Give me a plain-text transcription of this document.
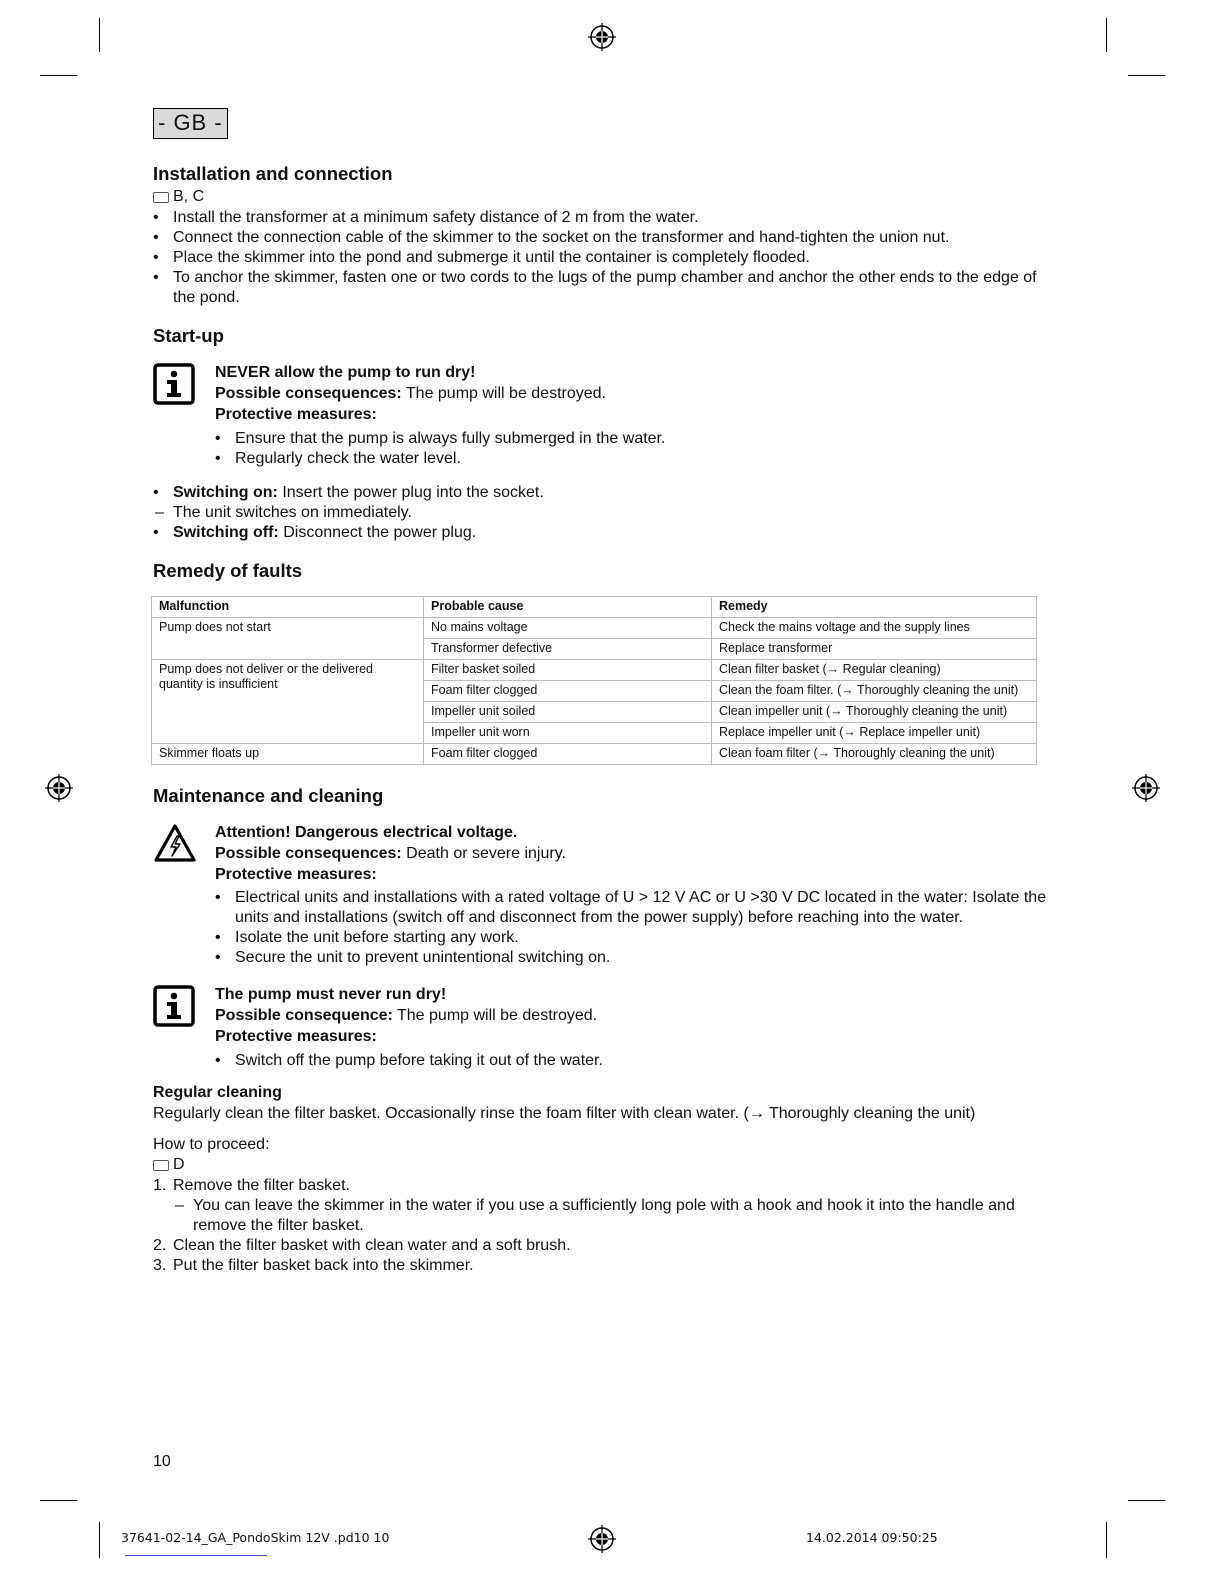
- GB -
Installation and connection
B, C
• Install the transformer at a minimum safety distance of 2 m from the water.
• Connect the connection cable of the skimmer to the socket on the transformer and hand-tighten the union nut.
• Place the skimmer into the pond and submerge it until the container is completely flooded.
• To anchor the skimmer, fasten one or two cords to the lugs of the pump chamber and anchor the other ends to the edge of the pond.
Start-up

NEVER allow the pump to run dry!

Possible consequences: The pump will be destroyed.

Protective measures:

• Ensure that the pump is always fully submerged in the water.
• Regularly check the water level.
• Switching on: Insert the power plug into the socket.
– The unit switches on immediately.
• Switching off: Disconnect the power plug.
Remedy of faults
Malfunction	Probable cause	Remedy
Pump does not start	No mains voltage	Check the mains voltage and the supply lines
	Transformer defective	Replace transformer
Pump does not deliver or the delivered quantity is insufficient	Filter basket soiled	Clean filter basket (→ Regular cleaning)
	Foam filter clogged	Clean the foam filter. (→ Thoroughly cleaning the unit)
	Impeller unit soiled	Clean impeller unit (→ Thoroughly cleaning the unit)
	Impeller unit worn	Replace impeller unit (→ Replace impeller unit)
Skimmer floats up	Foam filter clogged	Clean foam filter (→ Thoroughly cleaning the unit)
Maintenance and cleaning

Attention! Dangerous electrical voltage.

Possible consequences: Death or severe injury.

Protective measures:

• Electrical units and installations with a rated voltage of U > 12 V AC or U >30 V DC located in the water: Isolate the units and installations (switch off and disconnect from the power supply) before reaching into the water.
• Isolate the unit before starting any work.
• Secure the unit to prevent unintentional switching on.

The pump must never run dry!

Possible consequence: The pump will be destroyed.

Protective measures:

• Switch off the pump before taking it out of the water.
Regular cleaning

Regularly clean the filter basket. Occasionally rinse the foam filter with clean water. (→ Thoroughly cleaning the unit)

How to proceed:

D
1. Remove the filter basket.
– You can leave the skimmer in the water if you use a sufficiently long pole with a hook and hook it into the handle and remove the filter basket.
2. Clean the filter basket with clean water and a soft brush.
3. Put the filter basket back into the skimmer.
10
37641-02-14_GA_PondoSkim 12V .pd10 10	14.02.2014 09:50:25
